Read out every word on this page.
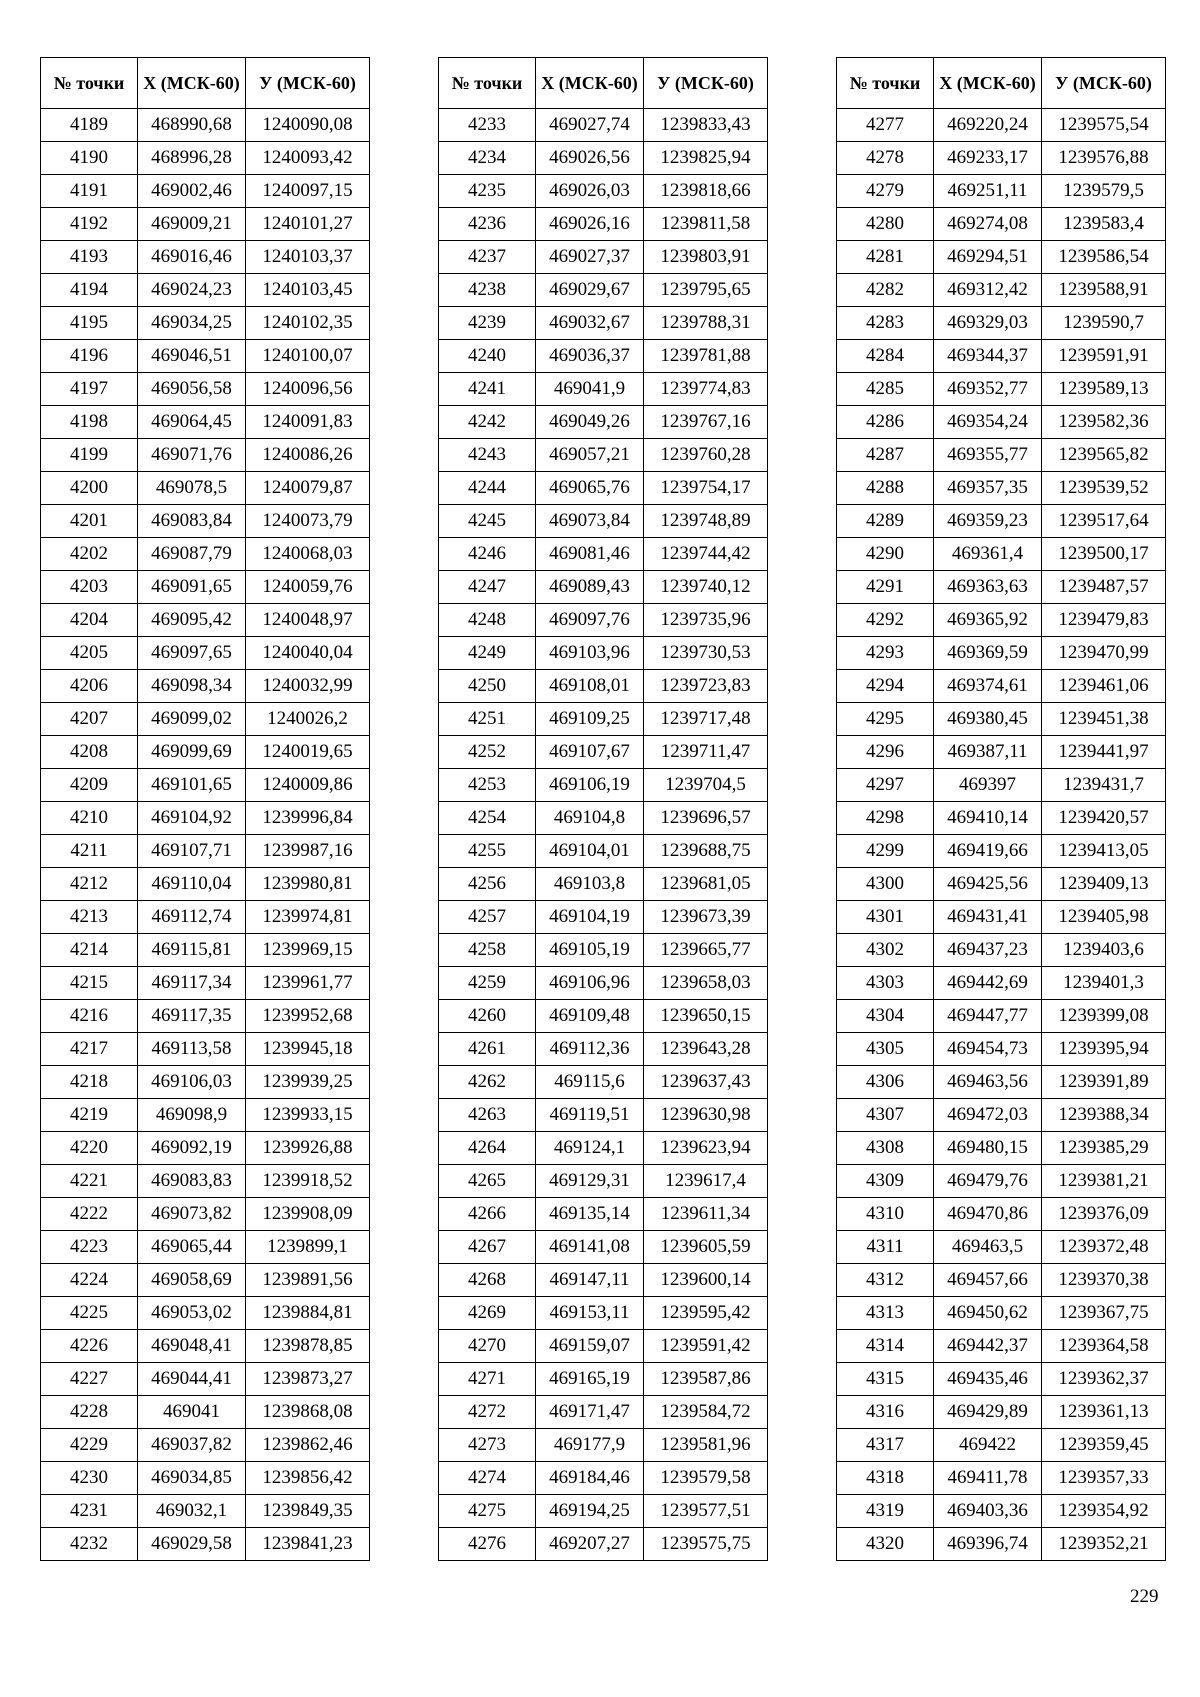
№ точки	X (МСК-60)	У (МСК-60)
4189	468990,68	1240090,08
4190	468996,28	1240093,42
4191	469002,46	1240097,15
4192	469009,21	1240101,27
4193	469016,46	1240103,37
4194	469024,23	1240103,45
4195	469034,25	1240102,35
4196	469046,51	1240100,07
4197	469056,58	1240096,56
4198	469064,45	1240091,83
4199	469071,76	1240086,26
4200	469078,5	1240079,87
4201	469083,84	1240073,79
4202	469087,79	1240068,03
4203	469091,65	1240059,76
4204	469095,42	1240048,97
4205	469097,65	1240040,04
4206	469098,34	1240032,99
4207	469099,02	1240026,2
4208	469099,69	1240019,65
4209	469101,65	1240009,86
4210	469104,92	1239996,84
4211	469107,71	1239987,16
4212	469110,04	1239980,81
4213	469112,74	1239974,81
4214	469115,81	1239969,15
4215	469117,34	1239961,77
4216	469117,35	1239952,68
4217	469113,58	1239945,18
4218	469106,03	1239939,25
4219	469098,9	1239933,15
4220	469092,19	1239926,88
4221	469083,83	1239918,52
4222	469073,82	1239908,09
4223	469065,44	1239899,1
4224	469058,69	1239891,56
4225	469053,02	1239884,81
4226	469048,41	1239878,85
4227	469044,41	1239873,27
4228	469041	1239868,08
4229	469037,82	1239862,46
4230	469034,85	1239856,42
4231	469032,1	1239849,35
4232	469029,58	1239841,23
№ точки	X (МСК-60)	У (МСК-60)
4233	469027,74	1239833,43
4234	469026,56	1239825,94
4235	469026,03	1239818,66
4236	469026,16	1239811,58
4237	469027,37	1239803,91
4238	469029,67	1239795,65
4239	469032,67	1239788,31
4240	469036,37	1239781,88
4241	469041,9	1239774,83
4242	469049,26	1239767,16
4243	469057,21	1239760,28
4244	469065,76	1239754,17
4245	469073,84	1239748,89
4246	469081,46	1239744,42
4247	469089,43	1239740,12
4248	469097,76	1239735,96
4249	469103,96	1239730,53
4250	469108,01	1239723,83
4251	469109,25	1239717,48
4252	469107,67	1239711,47
4253	469106,19	1239704,5
4254	469104,8	1239696,57
4255	469104,01	1239688,75
4256	469103,8	1239681,05
4257	469104,19	1239673,39
4258	469105,19	1239665,77
4259	469106,96	1239658,03
4260	469109,48	1239650,15
4261	469112,36	1239643,28
4262	469115,6	1239637,43
4263	469119,51	1239630,98
4264	469124,1	1239623,94
4265	469129,31	1239617,4
4266	469135,14	1239611,34
4267	469141,08	1239605,59
4268	469147,11	1239600,14
4269	469153,11	1239595,42
4270	469159,07	1239591,42
4271	469165,19	1239587,86
4272	469171,47	1239584,72
4273	469177,9	1239581,96
4274	469184,46	1239579,58
4275	469194,25	1239577,51
4276	469207,27	1239575,75
№ точки	X (МСК-60)	У (МСК-60)
4277	469220,24	1239575,54
4278	469233,17	1239576,88
4279	469251,11	1239579,5
4280	469274,08	1239583,4
4281	469294,51	1239586,54
4282	469312,42	1239588,91
4283	469329,03	1239590,7
4284	469344,37	1239591,91
4285	469352,77	1239589,13
4286	469354,24	1239582,36
4287	469355,77	1239565,82
4288	469357,35	1239539,52
4289	469359,23	1239517,64
4290	469361,4	1239500,17
4291	469363,63	1239487,57
4292	469365,92	1239479,83
4293	469369,59	1239470,99
4294	469374,61	1239461,06
4295	469380,45	1239451,38
4296	469387,11	1239441,97
4297	469397	1239431,7
4298	469410,14	1239420,57
4299	469419,66	1239413,05
4300	469425,56	1239409,13
4301	469431,41	1239405,98
4302	469437,23	1239403,6
4303	469442,69	1239401,3
4304	469447,77	1239399,08
4305	469454,73	1239395,94
4306	469463,56	1239391,89
4307	469472,03	1239388,34
4308	469480,15	1239385,29
4309	469479,76	1239381,21
4310	469470,86	1239376,09
4311	469463,5	1239372,48
4312	469457,66	1239370,38
4313	469450,62	1239367,75
4314	469442,37	1239364,58
4315	469435,46	1239362,37
4316	469429,89	1239361,13
4317	469422	1239359,45
4318	469411,78	1239357,33
4319	469403,36	1239354,92
4320	469396,74	1239352,21
229
